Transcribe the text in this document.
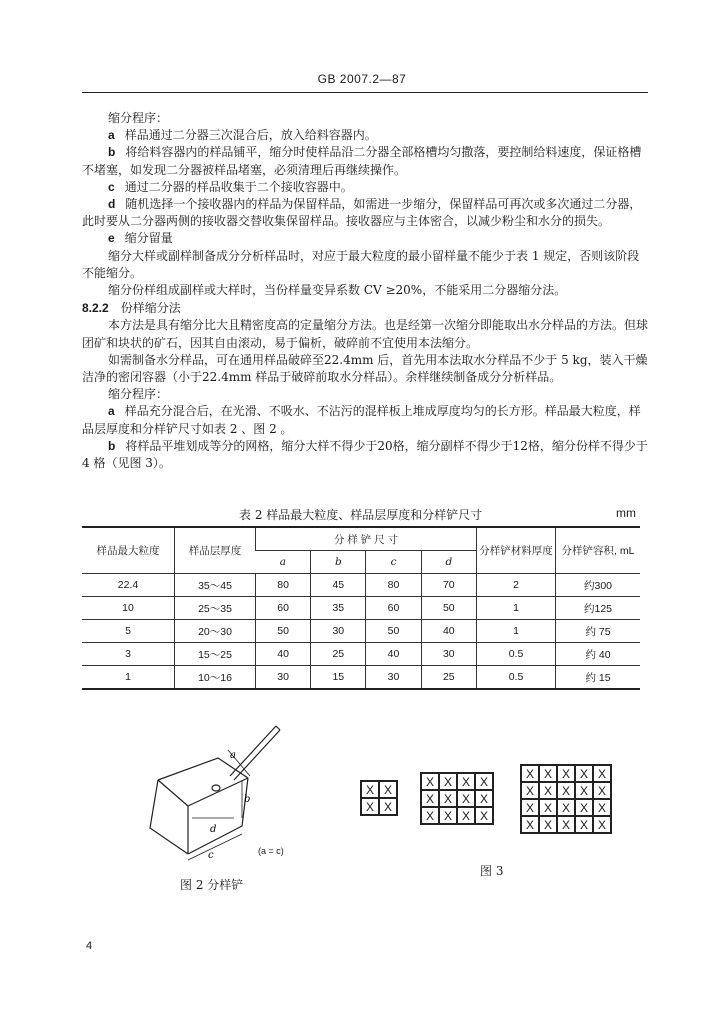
GB 2007.2—87

缩分程序：

a 样品通过二分器三次混合后，放入给料容器内。

b 将给料容器内的样品铺平，缩分时使样品沿二分器全部格槽均匀撒落，要控制给料速度，保证格槽不堵塞，如发现二分器被样品堵塞，必须清理后再继续操作。

c 通过二分器的样品收集于二个接收容器中。

d 随机选择一个接收器内的样品为保留样品，如需进一步缩分，保留样品可再次或多次通过二分器，此时要从二分器两侧的接收器交替收集保留样品。接收器应与主体密合，以减少粉尘和水分的损失。

e 缩分留量

缩分大样或副样制备成分分析样品时，对应于最大粒度的最小留样量不能少于表 1 规定，否则该阶段不能缩分。

缩分份样组成副样或大样时，当份样量变异系数 CV ≥20%，不能采用二分器缩分法。

8.2.2 份样缩分法

本方法是具有缩分比大且精密度高的定量缩分方法。也是经第一次缩分即能取出水分样品的方法。但球团矿和块状的矿石，因其自由滚动，易于偏析，破碎前不宜使用本法缩分。

如需制备水分样品，可在通用样品破碎至22.4mm 后，首先用本法取水分样品不少于 5 kg，装入干燥洁净的密闭容器（小于22.4mm 样品于破碎前取水分样品）。余样继续制备成分分析样品。

缩分程序：

a 样品充分混合后，在光滑、不吸水、不沾污的混样板上堆成厚度均匀的长方形。样品最大粒度，样品层厚度和分样铲尺寸如表 2 、图 2 。

b 将样品平堆划成等分的网格，缩分大样不得少于20格，缩分副样不得少于12格，缩分份样不得少于 4 格（见图 3）。

表 2 样品最大粒度、样品层厚度和分样铲尺寸	mm
样品最大粒度	样品层厚度	分 样 铲 尺 寸				分样铲材料厚度	分样铲容积, mL
		a	b	c	d		
22.4	35～45	80	45	80	70	2	约300
10	25～35	60	35	60	50	1	约125
5	20～30	50	30	50	40	1	约 75
3	15～25	40	25	40	30	0.5	约 40
1	10～16	30	15	30	25	0.5	约 15
a
b
d
c	(a = c)
图 2 分样铲
X X
X X
X X X X
X X X X
X X X X
X X X X X
X X X X X
X X X X X
X X X X X
图 3
4
